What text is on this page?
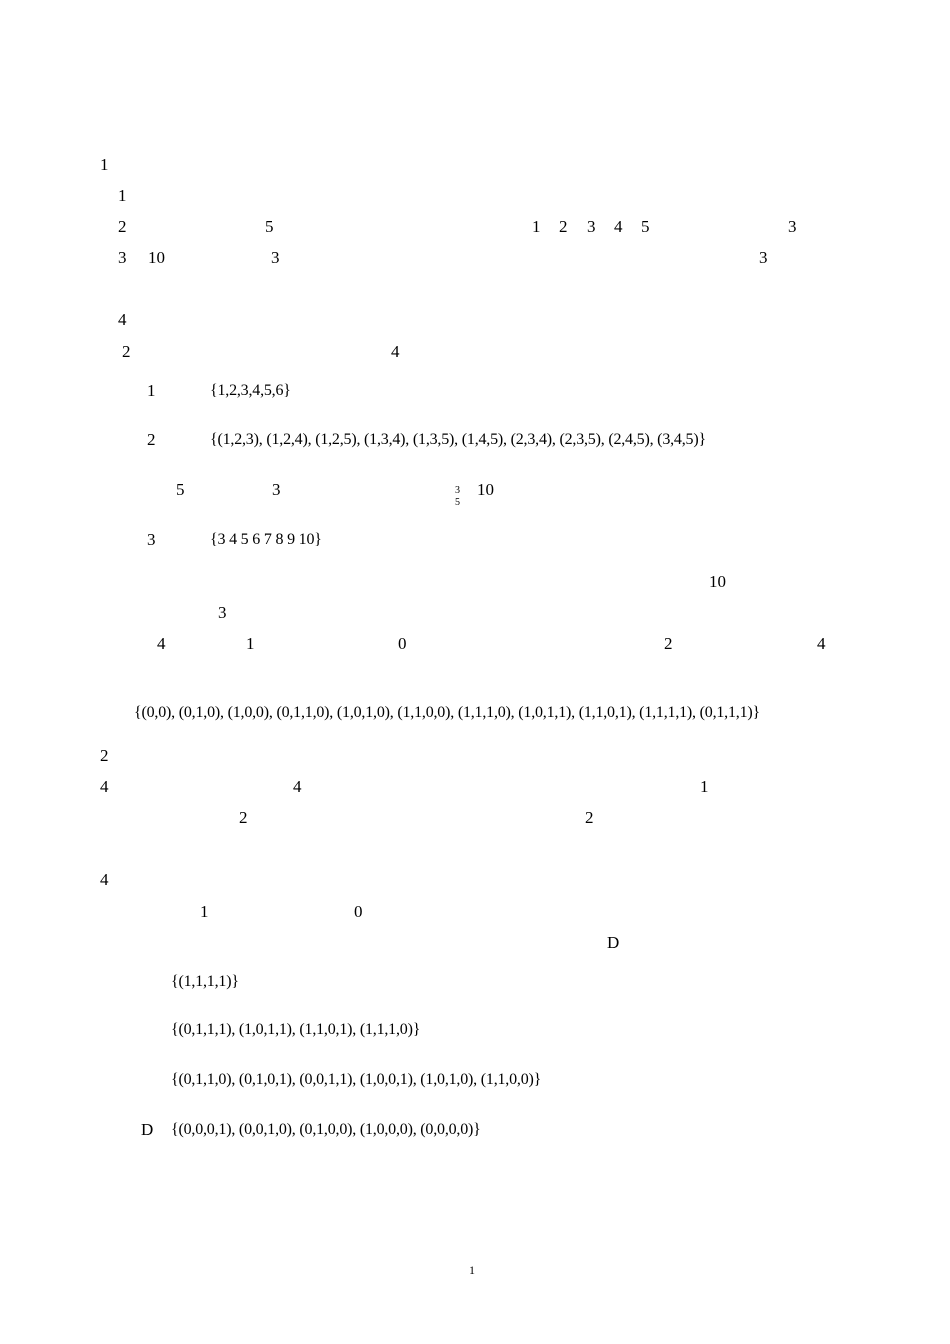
1
1
2	5	1 2 3 4 5	3
3 10	3	3
4
2	4
1	{1,2,3,4,5,6}
2	{(1,2,3), (1,2,4), (1,2,5), (1,3,4), (1,3,5), (1,4,5), (2,3,4), (2,3,5), (2,4,5), (3,4,5)}
5	3	3
5
10
3	{3 4 5 6 7 8 9 10}
10
3
4	1	0	2	4
{(0,0), (0,1,0), (1,0,0), (0,1,1,0), (1,0,1,0), (1,1,0,0), (1,1,1,0), (1,0,1,1), (1,1,0,1), (1,1,1,1), (0,1,1,1)}
2
4	4	1
2	2
4
1	0
D
{(1,1,1,1)}
{(0,1,1,1), (1,0,1,1), (1,1,0,1), (1,1,1,0)}
{(0,1,1,0), (0,1,0,1), (0,0,1,1), (1,0,0,1), (1,0,1,0), (1,1,0,0)}
D {(0,0,0,1), (0,0,1,0), (0,1,0,0), (1,0,0,0), (0,0,0,0)}
1
